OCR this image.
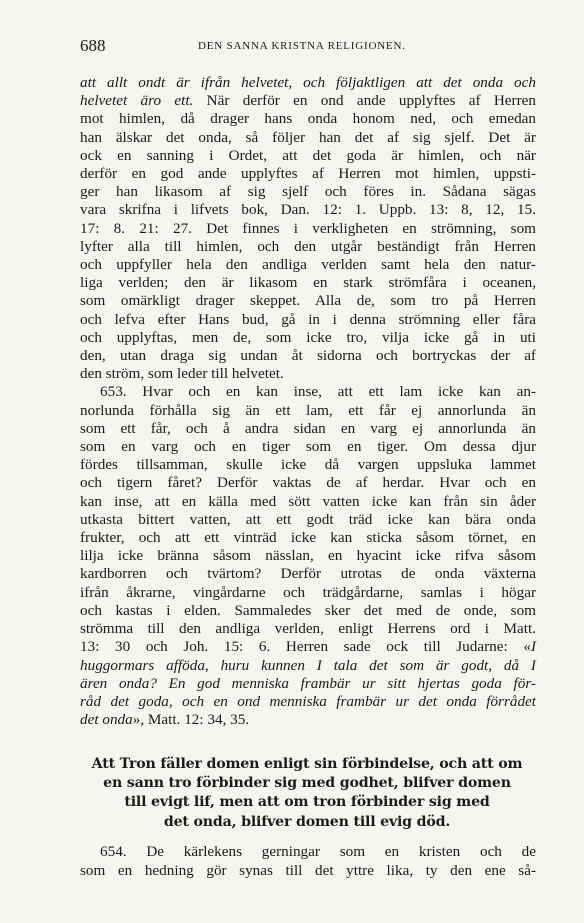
688	DEN SANNA KRISTNA RELIGIONEN.
att allt ondt är ifrån helvetet, och följaktligen att det onda och
helvetet äro ett. När derför en ond ande upplyftes af Herren
mot himlen, då drager hans onda honom ned, och emedan
han älskar det onda, så följer han det af sig sjelf. Det är
ock en sanning i Ordet, att det goda är himlen, och när
derför en god ande upplyftes af Herren mot himlen, uppsti-
ger han likasom af sig sjelf och föres in. Sådana sägas
vara skrifna i lifvets bok, Dan. 12: 1. Uppb. 13: 8, 12, 15.
17: 8. 21: 27. Det finnes i verkligheten en strömning, som
lyfter alla till himlen, och den utgår beständigt från Herren
och uppfyller hela den andliga verlden samt hela den natur-
liga verlden; den är likasom en stark strömfåra i oceanen,
som omärkligt drager skeppet. Alla de, som tro på Herren
och lefva efter Hans bud, gå in i denna strömning eller fåra
och upplyftas, men de, som icke tro, vilja icke gå in uti
den, utan draga sig undan åt sidorna och bortryckas der af
den ström, som leder till helvetet.
653. Hvar och en kan inse, att ett lam icke kan an-
norlunda förhålla sig än ett lam, ett får ej annorlunda än
som ett får, och å andra sidan en varg ej annorlunda än
som en varg och en tiger som en tiger. Om dessa djur
fördes tillsamman, skulle icke då vargen uppsluka lammet
och tigern fåret? Derför vaktas de af herdar. Hvar och en
kan inse, att en källa med sött vatten icke kan från sin åder
utkasta bittert vatten, att ett godt träd icke kan bära onda
frukter, och att ett vinträd icke kan sticka såsom törnet, en
lilja icke bränna såsom nässlan, en hyacint icke rifva såsom
kardborren och tvärtom? Derför utrotas de onda växterna
ifrån åkrarne, vingårdarne och trädgårdarne, samlas i högar
och kastas i elden. Sammaledes sker det med de onde, som
strömma till den andliga verlden, enligt Herrens ord i Matt.
13: 30 och Joh. 15: 6. Herren sade ock till Judarne: «I
huggormars afföda, huru kunnen I tala det som är godt, då I
ären onda? En god menniska frambär ur sitt hjertas goda för-
råd det goda, och en ond menniska frambär ur det onda förrådet
det onda», Matt. 12: 34, 35.
Att Tron fäller domen enligt sin förbindelse, och att om
en sann tro förbinder sig med godhet, blifver domen
till evigt lif, men att om tron förbinder sig med
det onda, blifver domen till evig död.
654. De kärlekens gerningar som en kristen och de
som en hedning gör synas till det yttre lika, ty den ene så-
